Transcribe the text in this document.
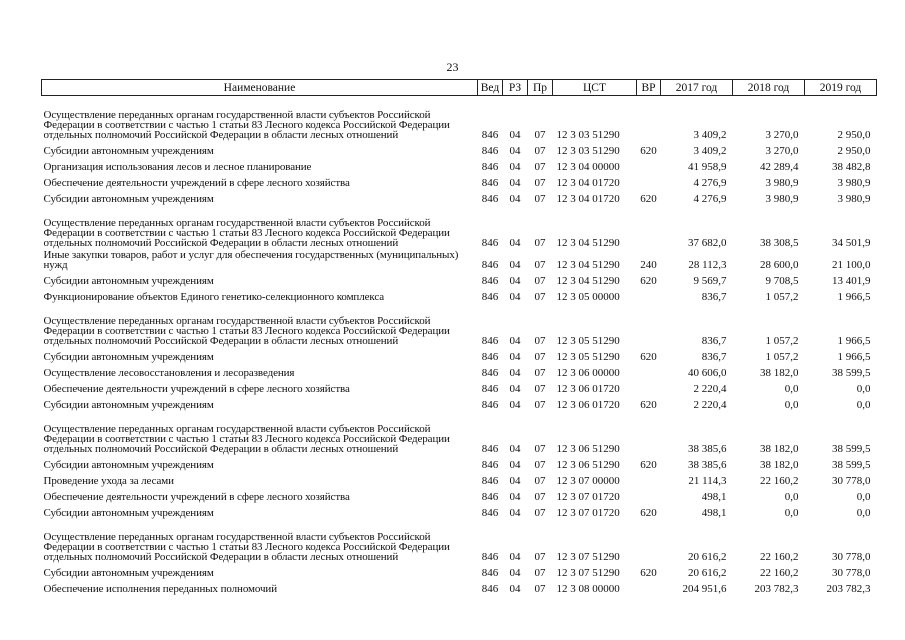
23
Наименование	Вед	РЗ	Пр	ЦСТ	ВР	2017 год	2018 год	2019 год
Осуществление переданных органам государственной власти субъектов Российской Федерации в соответствии с частью 1 статьи 83 Лесного кодекса Российской Федерации отдельных полномочий Российской Федерации в области лесных отношений	846	04	07	12 3 03 51290		3 409,2	3 270,0	2 950,0
Субсидии автономным учреждениям	846	04	07	12 3 03 51290	620	3 409,2	3 270,0	2 950,0
Организация использования лесов и лесное планирование	846	04	07	12 3 04 00000		41 958,9	42 289,4	38 482,8
Обеспечение деятельности учреждений в сфере лесного хозяйства	846	04	07	12 3 04 01720		4 276,9	3 980,9	3 980,9
Субсидии автономным учреждениям	846	04	07	12 3 04 01720	620	4 276,9	3 980,9	3 980,9
Осуществление переданных органам государственной власти субъектов Российской Федерации в соответствии с частью 1 статьи 83 Лесного кодекса Российской Федерации отдельных полномочий Российской Федерации в области лесных отношений	846	04	07	12 3 04 51290		37 682,0	38 308,5	34 501,9
Иные закупки товаров, работ и услуг для обеспечения государственных (муниципальных) нужд	846	04	07	12 3 04 51290	240	28 112,3	28 600,0	21 100,0
Субсидии автономным учреждениям	846	04	07	12 3 04 51290	620	9 569,7	9 708,5	13 401,9
Функционирование объектов Единого генетико-селекционного комплекса	846	04	07	12 3 05 00000		836,7	1 057,2	1 966,5
Осуществление переданных органам государственной власти субъектов Российской Федерации в соответствии с частью 1 статьи 83 Лесного кодекса Российской Федерации отдельных полномочий Российской Федерации в области лесных отношений	846	04	07	12 3 05 51290		836,7	1 057,2	1 966,5
Субсидии автономным учреждениям	846	04	07	12 3 05 51290	620	836,7	1 057,2	1 966,5
Осуществление лесовосстановления и лесоразведения	846	04	07	12 3 06 00000		40 606,0	38 182,0	38 599,5
Обеспечение деятельности учреждений в сфере лесного хозяйства	846	04	07	12 3 06 01720		2 220,4	0,0	0,0
Субсидии автономным учреждениям	846	04	07	12 3 06 01720	620	2 220,4	0,0	0,0
Осуществление переданных органам государственной власти субъектов Российской Федерации в соответствии с частью 1 статьи 83 Лесного кодекса Российской Федерации отдельных полномочий Российской Федерации в области лесных отношений	846	04	07	12 3 06 51290		38 385,6	38 182,0	38 599,5
Субсидии автономным учреждениям	846	04	07	12 3 06 51290	620	38 385,6	38 182,0	38 599,5
Проведение ухода за лесами	846	04	07	12 3 07 00000		21 114,3	22 160,2	30 778,0
Обеспечение деятельности учреждений в сфере лесного хозяйства	846	04	07	12 3 07 01720		498,1	0,0	0,0
Субсидии автономным учреждениям	846	04	07	12 3 07 01720	620	498,1	0,0	0,0
Осуществление переданных органам государственной власти субъектов Российской Федерации в соответствии с частью 1 статьи 83 Лесного кодекса Российской Федерации отдельных полномочий Российской Федерации в области лесных отношений	846	04	07	12 3 07 51290		20 616,2	22 160,2	30 778,0
Субсидии автономным учреждениям	846	04	07	12 3 07 51290	620	20 616,2	22 160,2	30 778,0
Обеспечение исполнения переданных полномочий	846	04	07	12 3 08 00000		204 951,6	203 782,3	203 782,3
